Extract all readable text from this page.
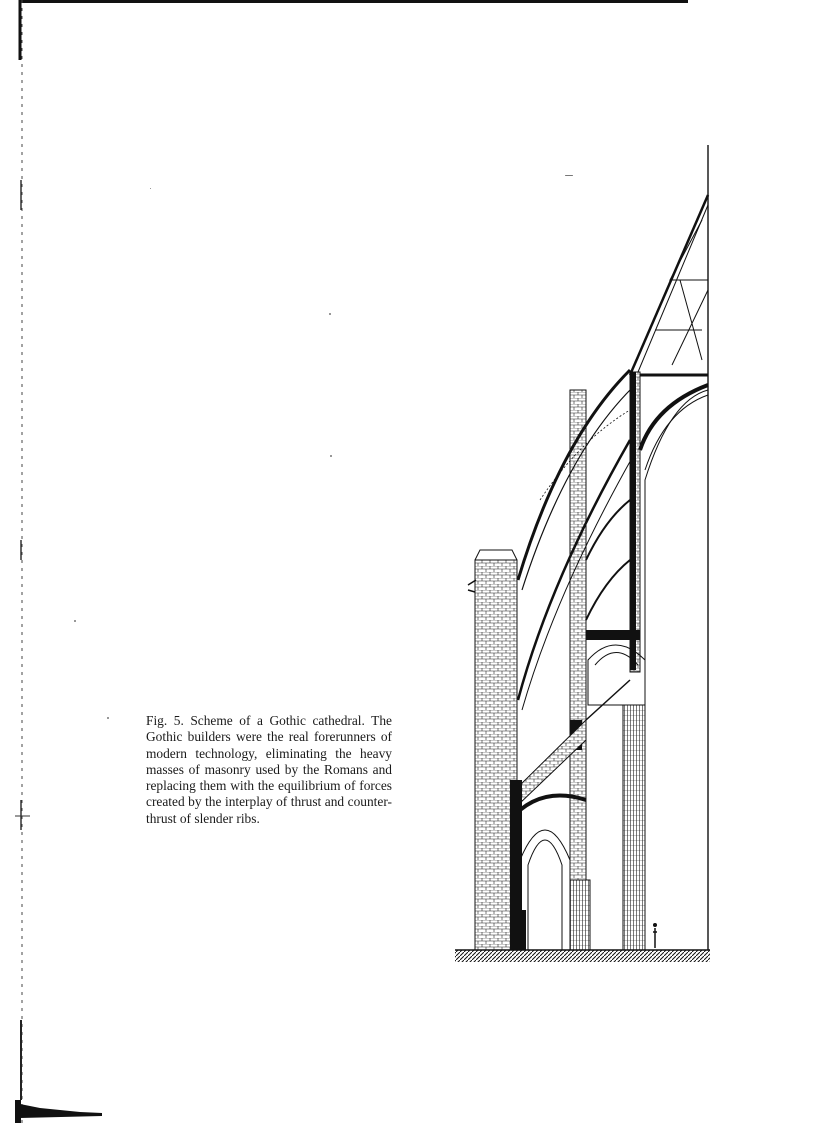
Fig. 5. Scheme of a Gothic cathedral. The Gothic builders were the real forerunners of modern technology, eliminating the heavy masses of masonry used by the Romans and replacing them with the equilibrium of forces created by the interplay of thrust and counter-thrust of slender ribs.
